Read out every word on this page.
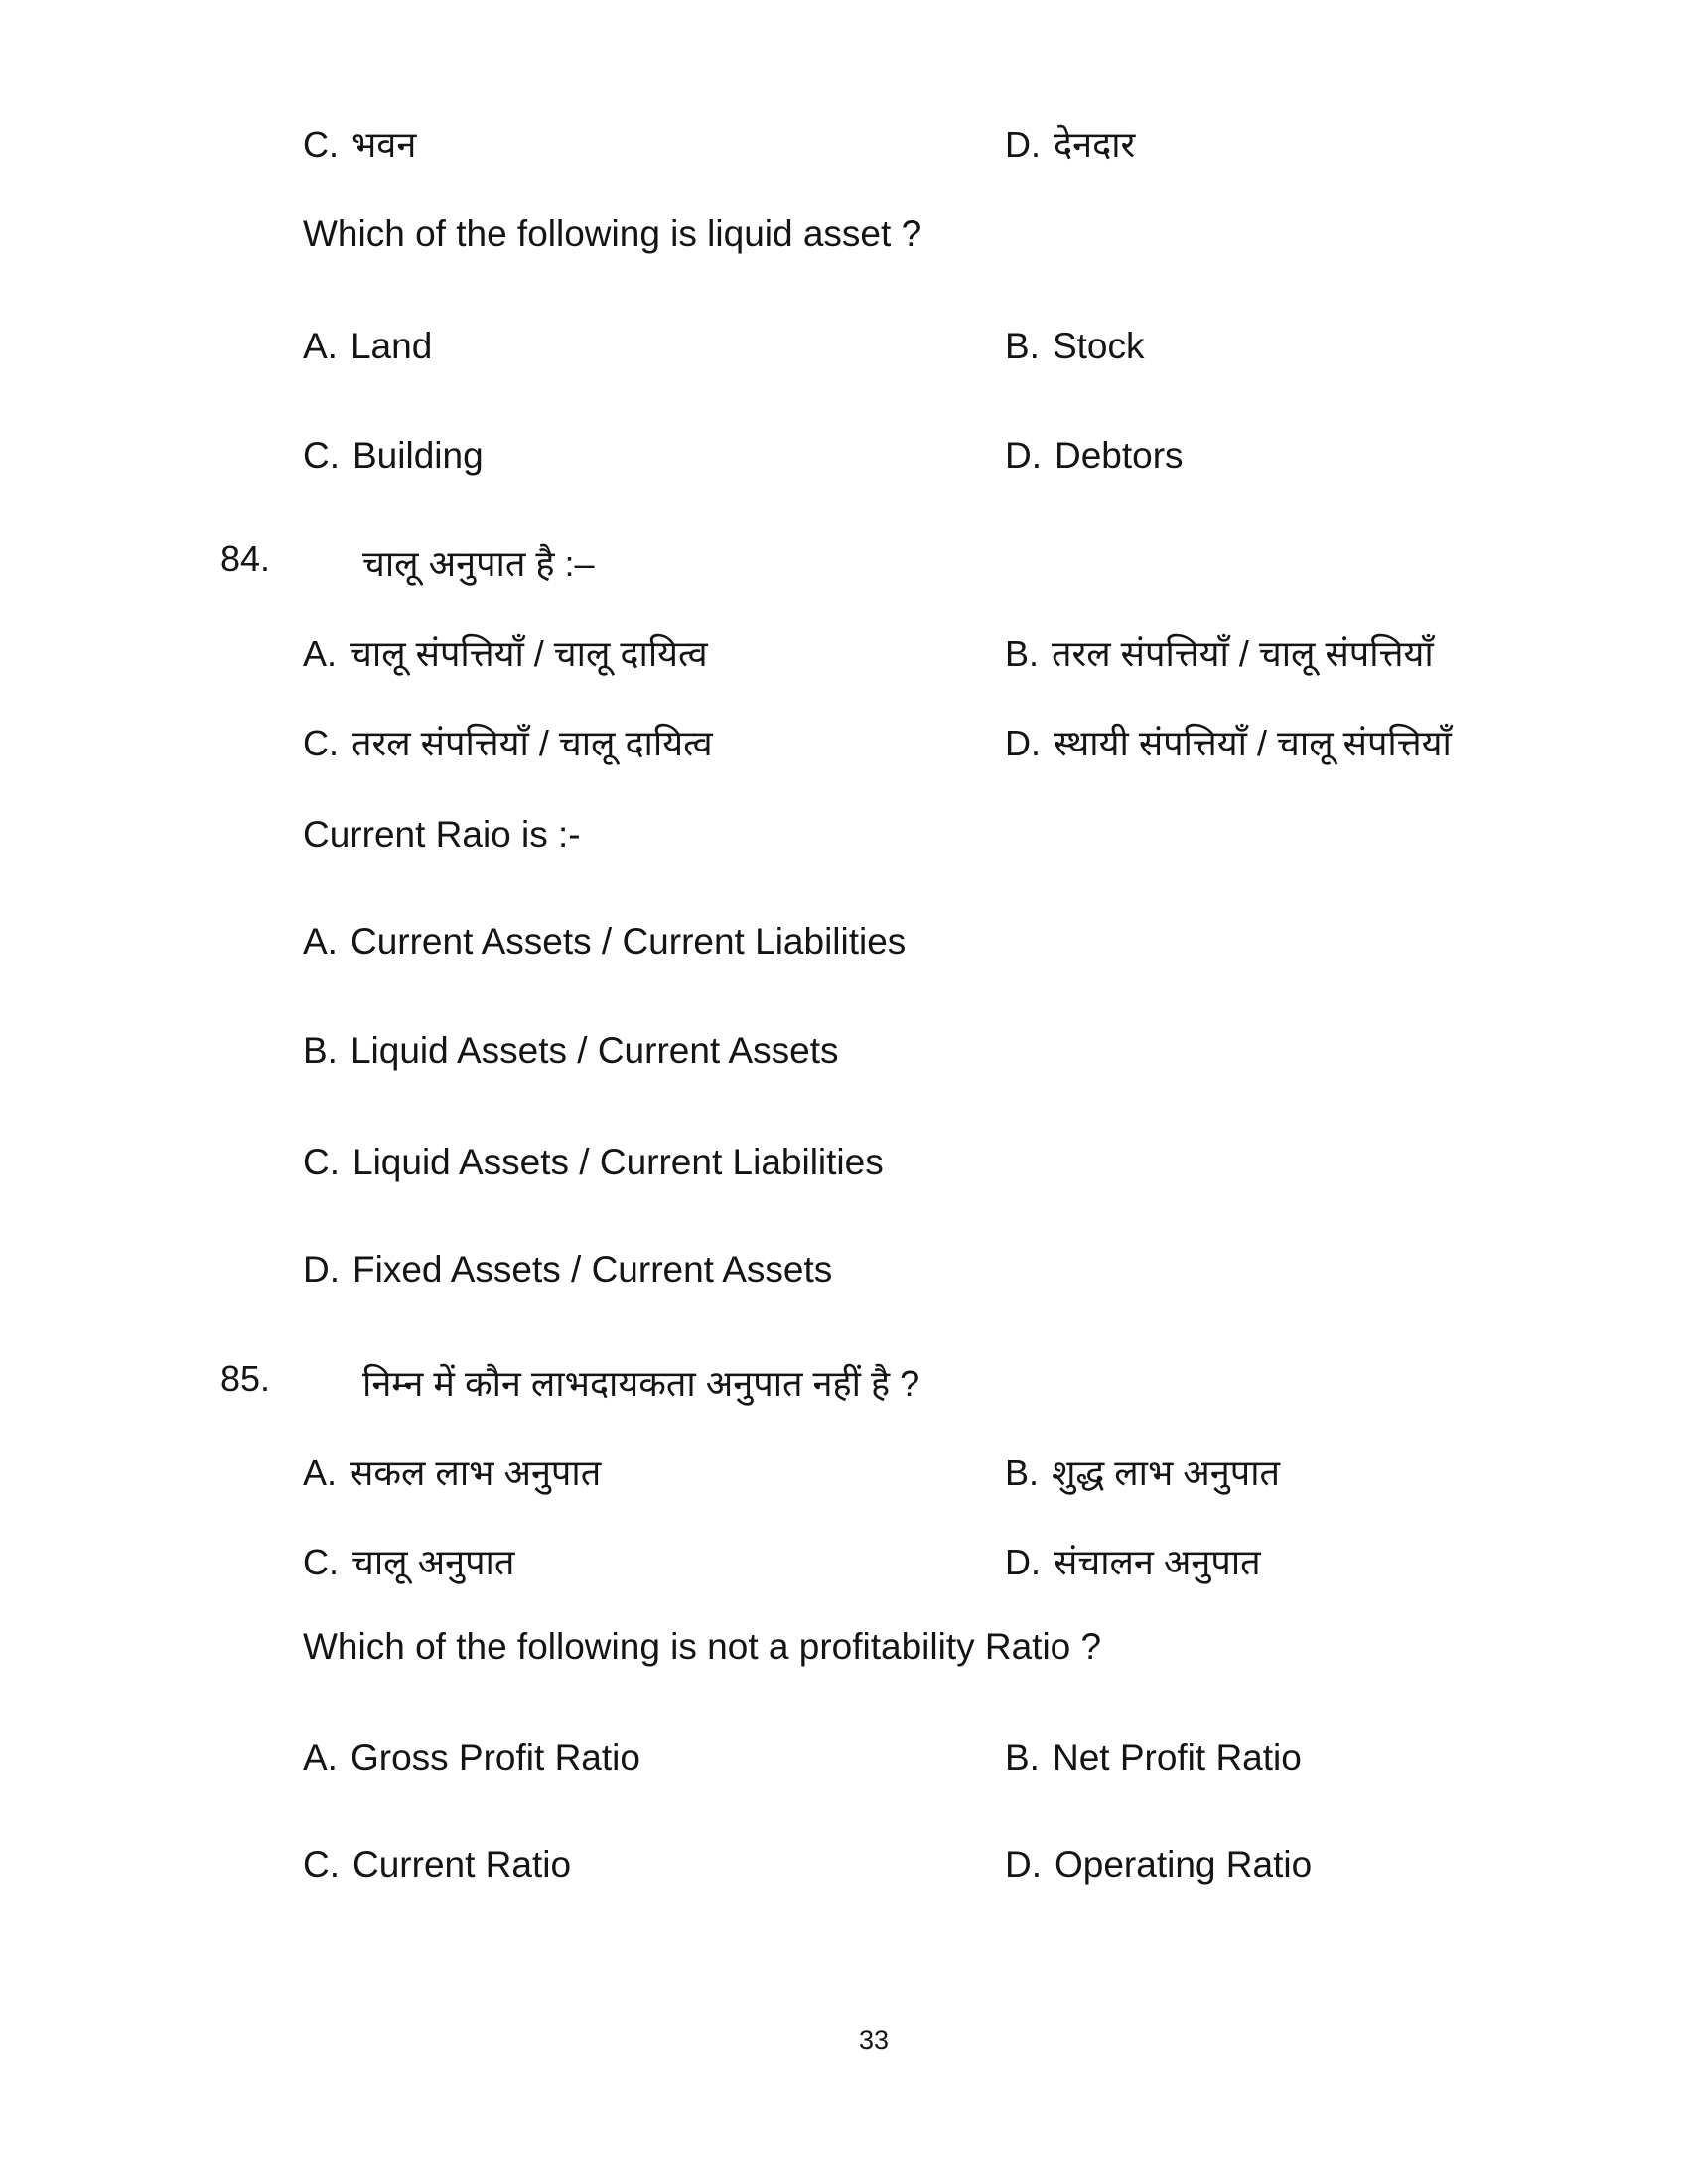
C. भवन	D. देनदार
Which of the following is liquid asset ?
A. Land	B. Stock
C. Building	D. Debtors
84.	चालू अनुपात है :–
A. चालू संपत्तियाँ / चालू दायित्व	B. तरल संपत्तियाँ / चालू संपत्तियाँ
C. तरल संपत्तियाँ / चालू दायित्व	D. स्थायी संपत्तियाँ / चालू संपत्तियाँ
Current Raio is :-
A. Current Assets / Current Liabilities
B. Liquid Assets / Current Assets
C. Liquid Assets / Current Liabilities
D. Fixed Assets / Current Assets
85.	निम्न में कौन लाभदायकता अनुपात नहीं है ?
A. सकल लाभ अनुपात	B. शुद्ध लाभ अनुपात
C. चालू अनुपात	D. संचालन अनुपात
Which of the following is not a profitability Ratio ?
A. Gross Profit Ratio	B. Net Profit Ratio
C. Current Ratio	D. Operating Ratio
33
